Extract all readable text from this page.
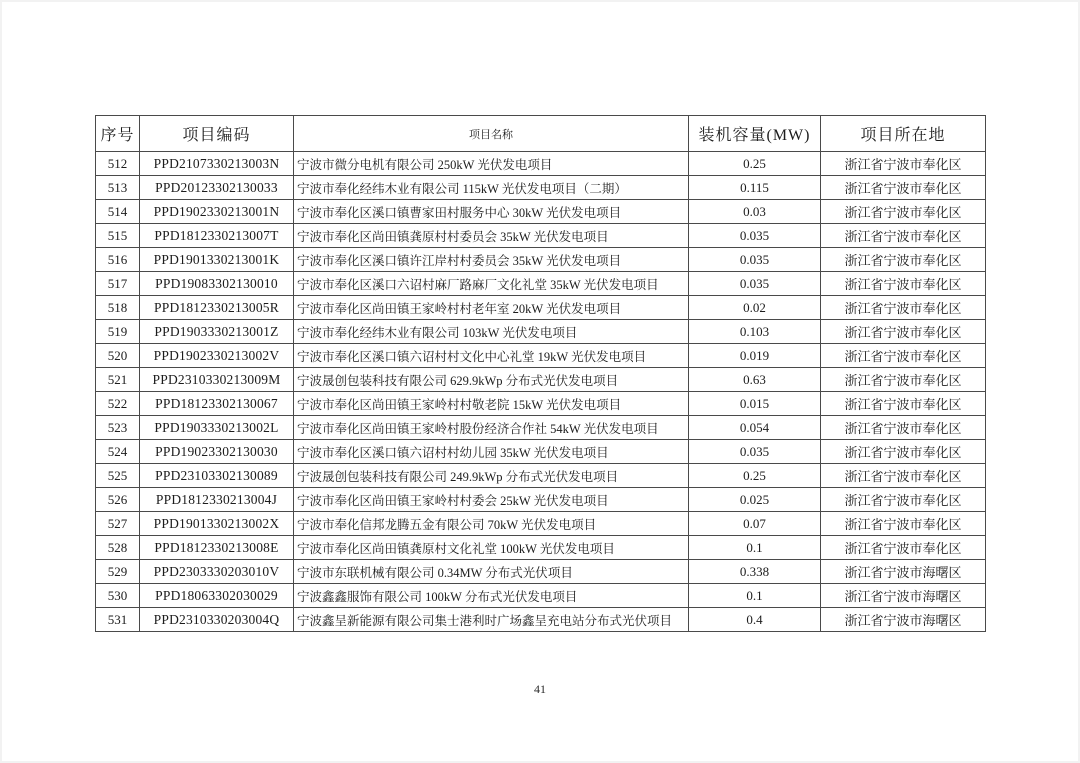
序号	项目编码	项目名称	装机容量(MW)	项目所在地
512	PPD2107330213003N	宁波市微分电机有限公司 250kW 光伏发电项目	0.25	浙江省宁波市奉化区
513	PPD20123302130033	宁波市奉化经纬木业有限公司 115kW 光伏发电项目（二期）	0.115	浙江省宁波市奉化区
514	PPD1902330213001N	宁波市奉化区溪口镇曹家田村服务中心 30kW 光伏发电项目	0.03	浙江省宁波市奉化区
515	PPD1812330213007T	宁波市奉化区尚田镇龚原村村委员会 35kW 光伏发电项目	0.035	浙江省宁波市奉化区
516	PPD1901330213001K	宁波市奉化区溪口镇许江岸村村委员会 35kW 光伏发电项目	0.035	浙江省宁波市奉化区
517	PPD19083302130010	宁波市奉化区溪口六诏村麻厂路麻厂文化礼堂 35kW 光伏发电项目	0.035	浙江省宁波市奉化区
518	PPD1812330213005R	宁波市奉化区尚田镇王家岭村村老年室 20kW 光伏发电项目	0.02	浙江省宁波市奉化区
519	PPD1903330213001Z	宁波市奉化经纬木业有限公司 103kW 光伏发电项目	0.103	浙江省宁波市奉化区
520	PPD1902330213002V	宁波市奉化区溪口镇六诏村村文化中心礼堂 19kW 光伏发电项目	0.019	浙江省宁波市奉化区
521	PPD2310330213009M	宁波晟创包装科技有限公司 629.9kWp 分布式光伏发电项目	0.63	浙江省宁波市奉化区
522	PPD18123302130067	宁波市奉化区尚田镇王家岭村村敬老院 15kW 光伏发电项目	0.015	浙江省宁波市奉化区
523	PPD1903330213002L	宁波市奉化区尚田镇王家岭村股份经济合作社 54kW 光伏发电项目	0.054	浙江省宁波市奉化区
524	PPD19023302130030	宁波市奉化区溪口镇六诏村村幼儿园 35kW 光伏发电项目	0.035	浙江省宁波市奉化区
525	PPD23103302130089	宁波晟创包装科技有限公司 249.9kWp 分布式光伏发电项目	0.25	浙江省宁波市奉化区
526	PPD1812330213004J	宁波市奉化区尚田镇王家岭村村委会 25kW 光伏发电项目	0.025	浙江省宁波市奉化区
527	PPD1901330213002X	宁波市奉化信邦龙腾五金有限公司 70kW 光伏发电项目	0.07	浙江省宁波市奉化区
528	PPD1812330213008E	宁波市奉化区尚田镇龚原村文化礼堂 100kW 光伏发电项目	0.1	浙江省宁波市奉化区
529	PPD2303330203010V	宁波市东联机械有限公司 0.34MW 分布式光伏项目	0.338	浙江省宁波市海曙区
530	PPD18063302030029	宁波鑫鑫服饰有限公司 100kW 分布式光伏发电项目	0.1	浙江省宁波市海曙区
531	PPD2310330203004Q	宁波鑫呈新能源有限公司集士港利时广场鑫呈充电站分布式光伏项目	0.4	浙江省宁波市海曙区
41
